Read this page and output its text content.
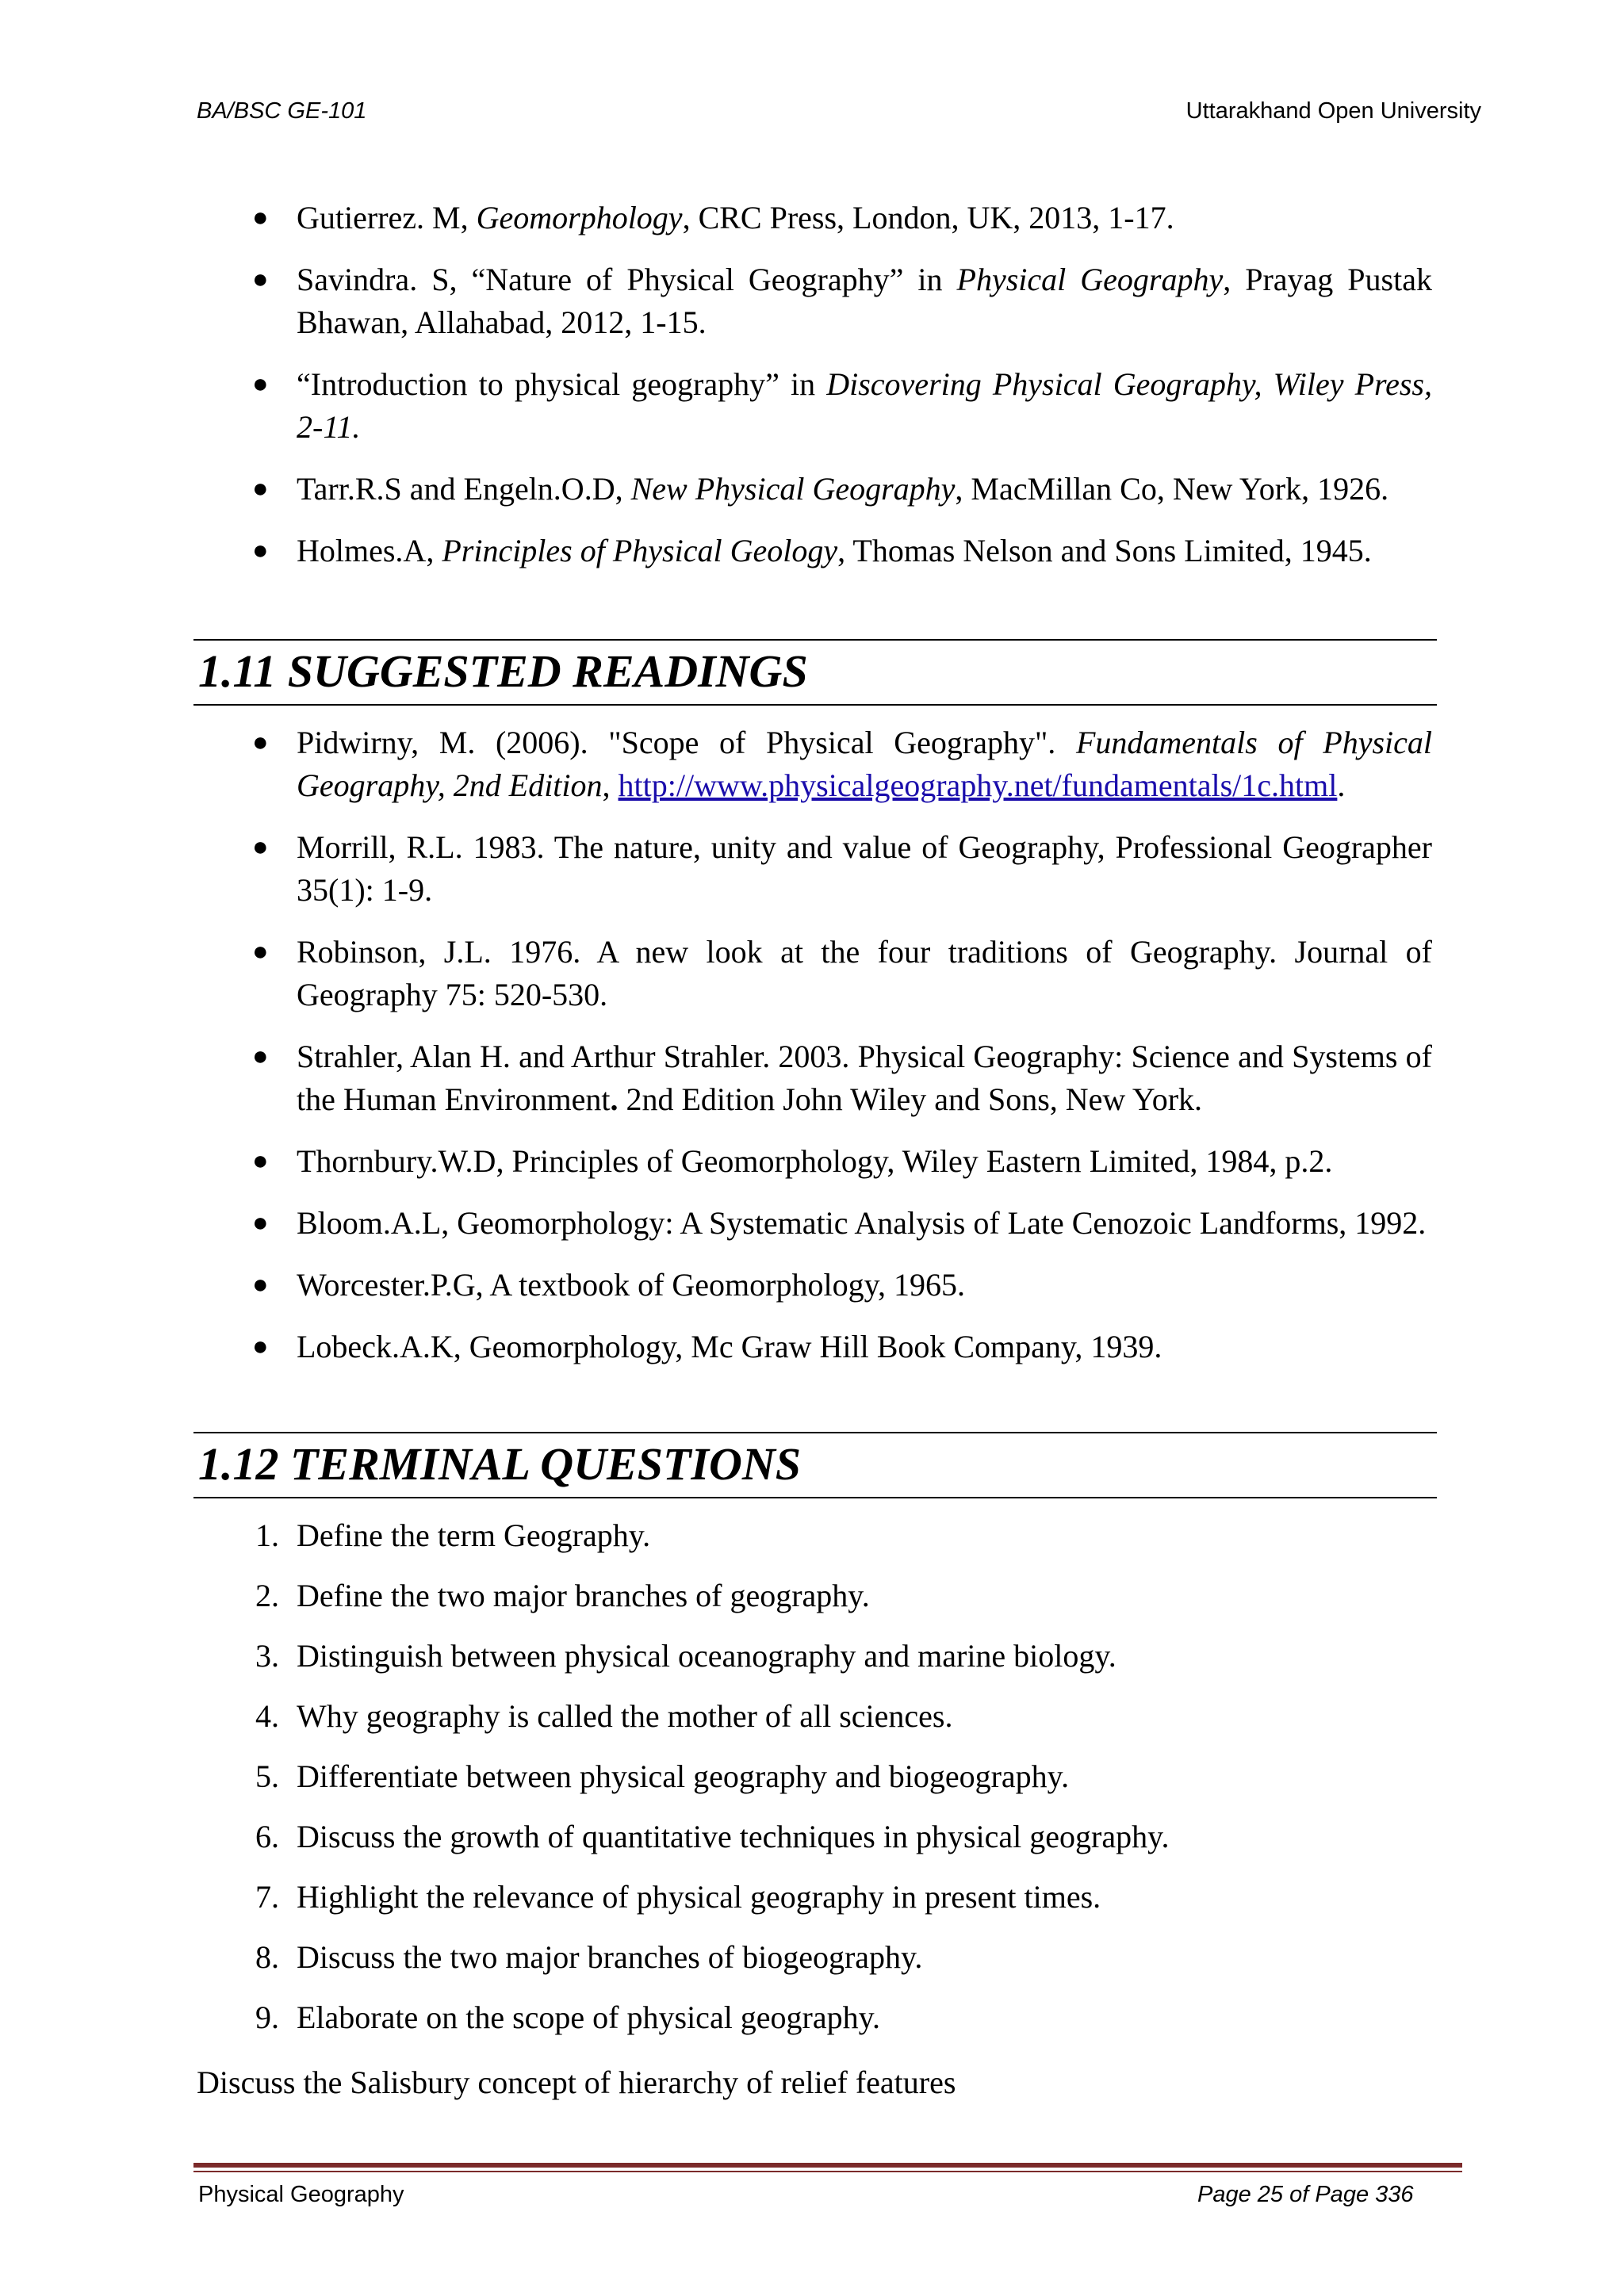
BA/BSC GE-101	Uttarakhand Open University
● Gutierrez. M, Geomorphology, CRC Press, London, UK, 2013, 1-17.
● Savindra. S, “Nature of Physical Geography” in Physical Geography, Prayag Pustak Bhawan, Allahabad, 2012, 1-15.
● “Introduction to physical geography” in Discovering Physical Geography, Wiley Press, 2-11.
● Tarr.R.S and Engeln.O.D, New Physical Geography, MacMillan Co, New York, 1926.
● Holmes.A, Principles of Physical Geology, Thomas Nelson and Sons Limited, 1945.
1.11 SUGGESTED READINGS
● Pidwirny, M. (2006). "Scope of Physical Geography". Fundamentals of Physical Geography, 2nd Edition, http://www.physicalgeography.net/fundamentals/1c.html.
● Morrill, R.L. 1983. The nature, unity and value of Geography, Professional Geographer 35(1): 1-9.
● Robinson, J.L. 1976. A new look at the four traditions of Geography. Journal of Geography 75: 520-530.
● Strahler, Alan H. and Arthur Strahler. 2003. Physical Geography: Science and Systems of the Human Environment. 2nd Edition John Wiley and Sons, New York.
● Thornbury.W.D, Principles of Geomorphology, Wiley Eastern Limited, 1984, p.2.
● Bloom.A.L, Geomorphology: A Systematic Analysis of Late Cenozoic Landforms, 1992.
● Worcester.P.G, A textbook of Geomorphology, 1965.
● Lobeck.A.K, Geomorphology, Mc Graw Hill Book Company, 1939.
1.12 TERMINAL QUESTIONS
1. Define the term Geography.
2. Define the two major branches of geography.
3. Distinguish between physical oceanography and marine biology.
4. Why geography is called the mother of all sciences.
5. Differentiate between physical geography and biogeography.
6. Discuss the growth of quantitative techniques in physical geography.
7. Highlight the relevance of physical geography in present times.
8. Discuss the two major branches of biogeography.
9. Elaborate on the scope of physical geography.
Discuss the Salisbury concept of hierarchy of relief features
Physical Geography	Page 25 of Page 336
